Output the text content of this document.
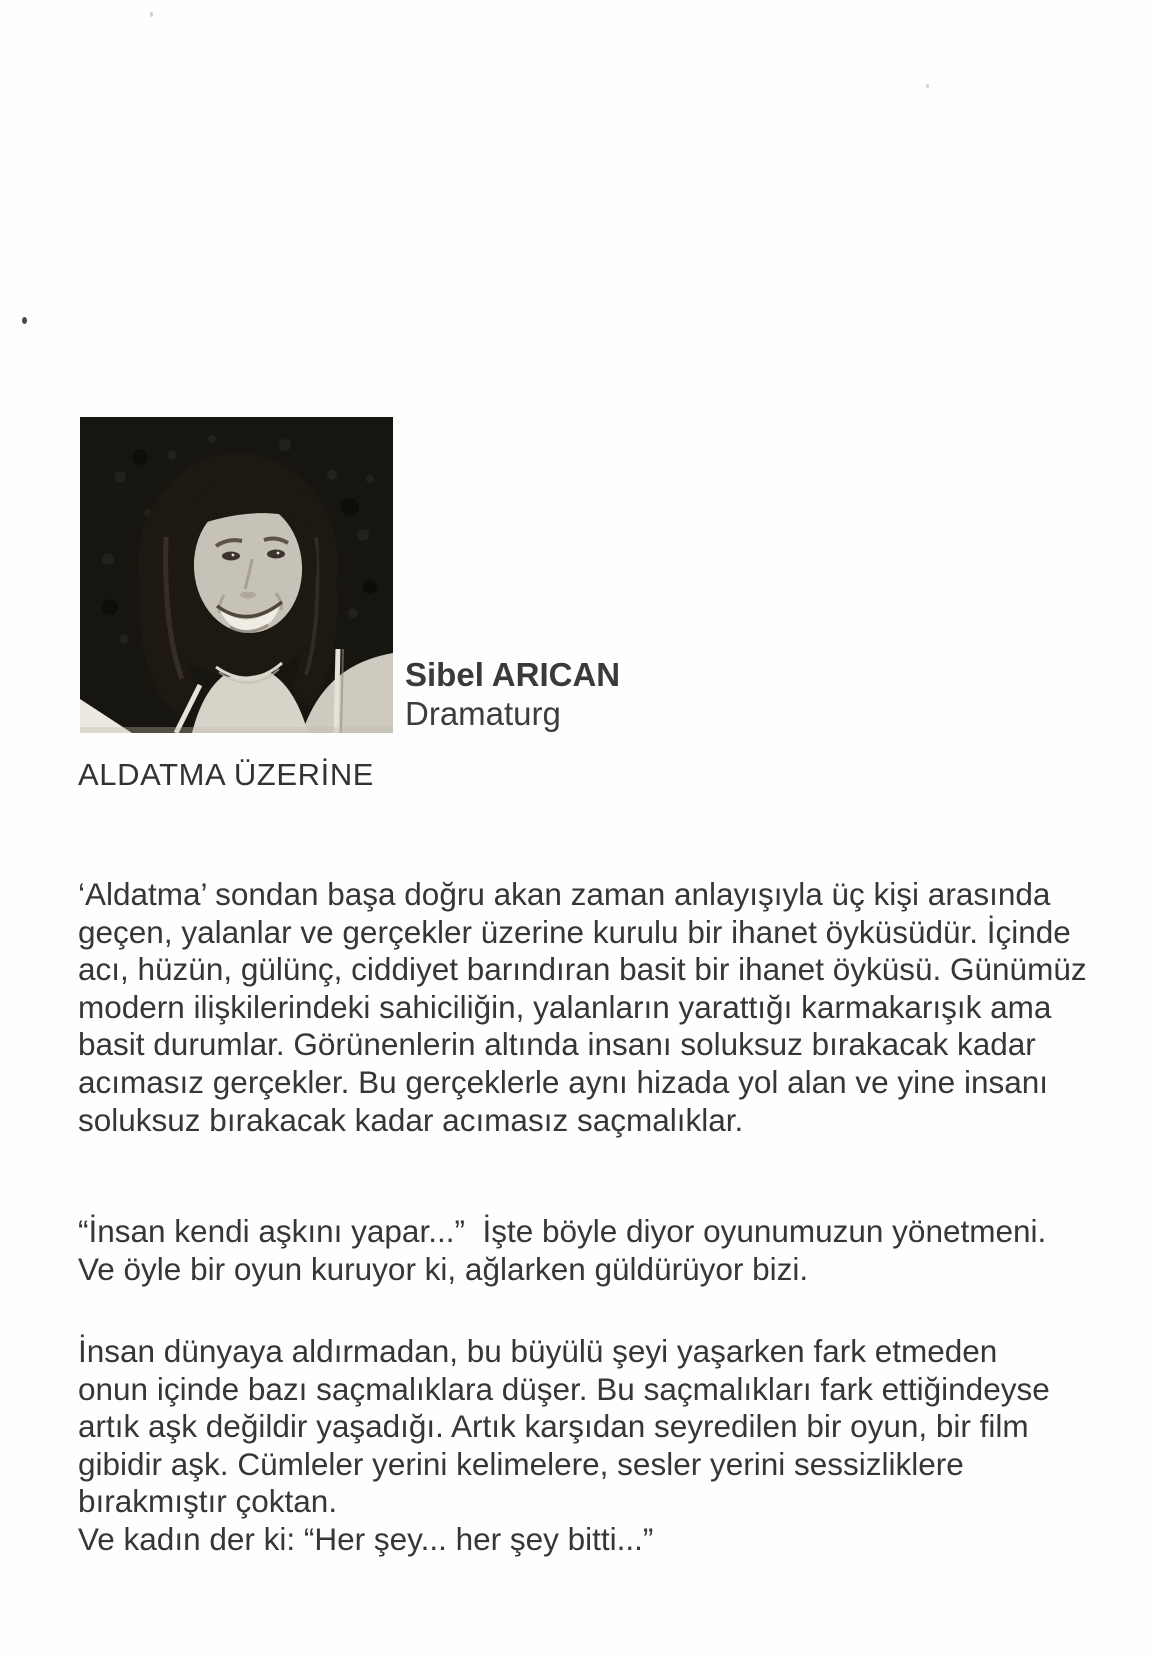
Sibel ARICAN
Dramaturg
ALDATMA ÜZERİNE
‘Aldatma’ sondan başa doğru akan zaman anlayışıyla üç kişi arasında
geçen, yalanlar ve gerçekler üzerine kurulu bir ihanet öyküsüdür. İçinde
acı, hüzün, gülünç, ciddiyet barındıran basit bir ihanet öyküsü. Günümüz
modern ilişkilerindeki sahiciliğin, yalanların yarattığı karmakarışık ama
basit durumlar. Görünenlerin altında insanı soluksuz bırakacak kadar
acımasız gerçekler. Bu gerçeklerle aynı hizada yol alan ve yine insanı
soluksuz bırakacak kadar acımasız saçmalıklar.
“İnsan kendi aşkını yapar...”  İşte böyle diyor oyunumuzun yönetmeni.
Ve öyle bir oyun kuruyor ki, ağlarken güldürüyor bizi.
İnsan dünyaya aldırmadan, bu büyülü şeyi yaşarken fark etmeden
onun içinde bazı saçmalıklara düşer. Bu saçmalıkları fark ettiğindeyse
artık aşk değildir yaşadığı. Artık karşıdan seyredilen bir oyun, bir film
gibidir aşk. Cümleler yerini kelimelere, sesler yerini sessizliklere
bırakmıştır çoktan.
Ve kadın der ki: “Her şey... her şey bitti...”
